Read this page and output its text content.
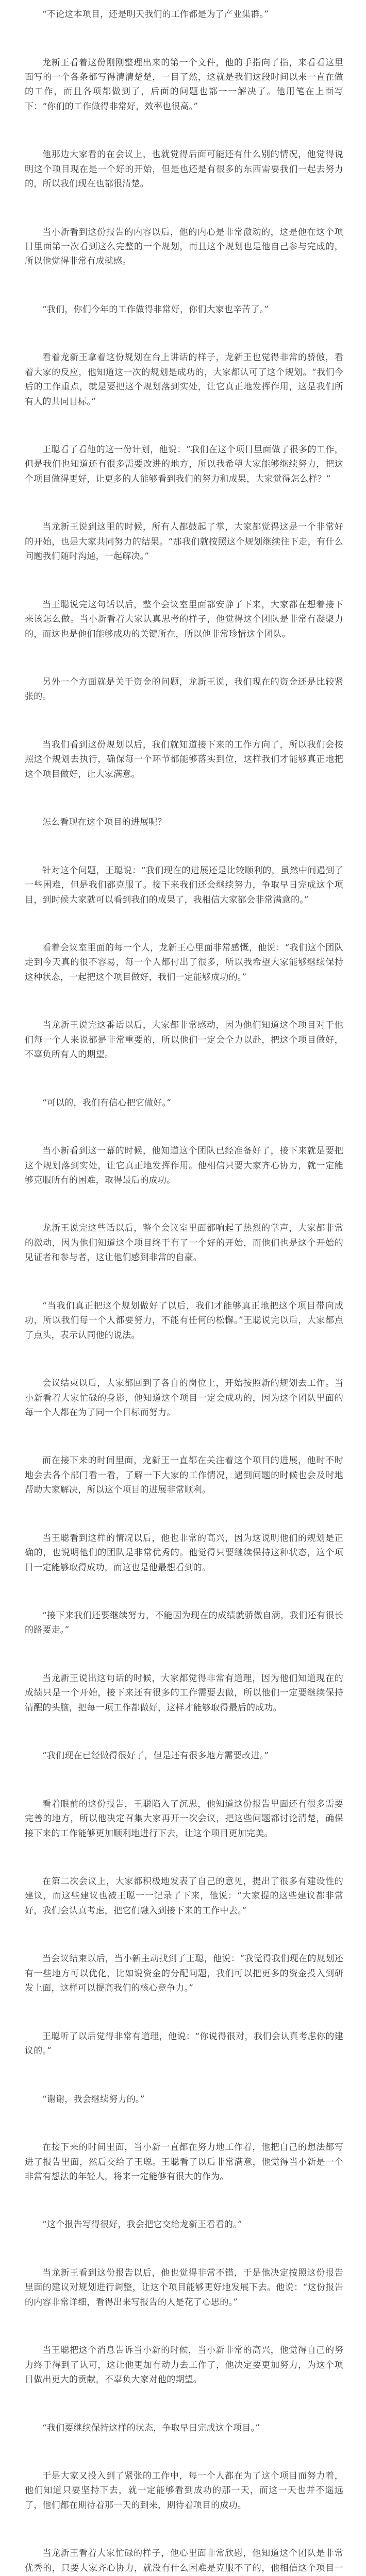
“不论这本项目，还是明天我们的工作都是为了产业集群。”

龙新王看着这份刚刚整理出来的第一个文件，他的手指向了指，来看看这里面写的一个各条都写得清清楚楚，一目了然，这就是我们这段时间以来一直在做的工作，而且各项都做到了，后面的问题也都一一解决了。他用笔在上面写下：“你们的工作做得非常好，效率也很高。”

他那边大家看的在会议上，也就觉得后面可能还有什么别的情况，他觉得说明这个项目现在是一个好的开始，但是也还是有很多的东西需要我们一起去努力的，所以我们现在也都很清楚。

当小新看到这份报告的内容以后，他的内心是非常激动的，这是他在这个项目里面第一次看到这么完整的一个规划，而且这个规划也是他自己参与完成的，所以他觉得非常有成就感。

“我们，你们今年的工作做得非常好，你们大家也辛苦了。”

看着龙新王拿着这份规划在台上讲话的样子，龙新王也觉得非常的骄傲，看着大家的反应，他知道这一次的规划是成功的，大家都认可了这个规划。“我们今后的工作重点，就是要把这个规划落到实处，让它真正地发挥作用，这是我们所有人的共同目标。”

王聪看了看他的这一份计划，他说：“我们在这个项目里面做了很多的工作，但是我们也知道还有很多需要改进的地方，所以我希望大家能够继续努力，把这个项目做得更好，让更多的人能够看到我们的努力和成果，大家觉得怎么样？”

当龙新王说到这里的时候，所有人都鼓起了掌，大家都觉得这是一个非常好的开始，也是大家共同努力的结果。“那我们就按照这个规划继续往下走，有什么问题我们随时沟通，一起解决。”

当王聪说完这句话以后，整个会议室里面都安静了下来，大家都在想着接下来该怎么做。当小新看着大家认真思考的样子，他觉得这个团队是非常有凝聚力的，而这也是他们能够成功的关键所在，所以他非常珍惜这个团队。

另外一个方面就是关于资金的问题，龙新王说，我们现在的资金还是比较紧张的。

当我们看到这份规划以后，我们就知道接下来的工作方向了，所以我们会按照这个规划去执行，确保每一个环节都能够落实到位，这样我们才能够真正地把这个项目做好，让大家满意。

怎么看现在这个项目的进展呢？

针对这个问题，王聪说：“我们现在的进展还是比较顺利的，虽然中间遇到了一些困难，但是我们都克服了。接下来我们还会继续努力，争取早日完成这个项目，到时候大家就可以看到我们的成果了，我相信大家都会非常满意的。”

看着会议室里面的每一个人，龙新王心里面非常感慨，他说：“我们这个团队走到今天真的很不容易，每一个人都付出了很多，所以我希望大家能够继续保持这种状态，一起把这个项目做好，我们一定能够成功的。”

当龙新王说完这番话以后，大家都非常感动，因为他们知道这个项目对于他们每一个人来说都是非常重要的，所以他们一定会全力以赴，把这个项目做好，不辜负所有人的期望。

“可以的，我们有信心把它做好。”

当小新看到这一幕的时候，他知道这个团队已经准备好了，接下来就是要把这个规划落到实处，让它真正地发挥作用。他相信只要大家齐心协力，就一定能够克服所有的困难，取得最后的成功。

龙新王说完这些话以后，整个会议室里面都响起了热烈的掌声，大家都非常的激动，因为他们知道这个项目终于有了一个好的开始，而他们也是这个开始的见证者和参与者，这让他们感到非常的自豪。

“当我们真正把这个规划做好了以后，我们才能够真正地把这个项目带向成功，所以我们每一个人都要努力，不能有任何的松懈。”王聪说完以后，大家都点了点头，表示认同他的说法。

会议结束以后，大家都回到了各自的岗位上，开始按照新的规划去工作。当小新看着大家忙碌的身影，他知道这个项目一定会成功的，因为这个团队里面的每一个人都在为了同一个目标而努力。

而在接下来的时间里面，龙新王一直都在关注着这个项目的进展，他时不时地会去各个部门看一看，了解一下大家的工作情况，遇到问题的时候也会及时地帮助大家解决，所以这个项目的进展非常顺利。

当王聪看到这样的情况以后，他也非常的高兴，因为这说明他们的规划是正确的，也说明他们的团队是非常优秀的。他觉得只要继续保持这种状态，这个项目一定能够取得成功，而这也是他最想看到的。

“接下来我们还要继续努力，不能因为现在的成绩就骄傲自满，我们还有很长的路要走。”

当龙新王说出这句话的时候，大家都觉得非常有道理，因为他们知道现在的成绩只是一个开始，接下来还有很多的工作需要去做，所以他们一定要继续保持清醒的头脑，把每一项工作都做好，这样才能够取得最后的成功。

“我们现在已经做得很好了，但是还有很多地方需要改进。”

看着眼前的这份报告，王聪陷入了沉思，他知道这份报告里面还有很多需要完善的地方，所以他决定召集大家再开一次会议，把这些问题都讨论清楚，确保接下来的工作能够更加顺利地进行下去，让这个项目更加完美。

在第二次会议上，大家都积极地发表了自己的意见，提出了很多有建设性的建议，而这些建议也被王聪一一记录了下来，他说：“大家提的这些建议都非常好，我们会认真考虑，把它们融入到接下来的工作中去。”

当会议结束以后，当小新主动找到了王聪，他说：“我觉得我们现在的规划还有一些地方可以优化，比如说资金的分配问题，我们可以把更多的资金投入到研发上面，这样可以提高我们的核心竞争力。”

王聪听了以后觉得非常有道理，他说：“你说得很对，我们会认真考虑你的建议的。”

“谢谢，我会继续努力的。”

在接下来的时间里面，当小新一直都在努力地工作着，他把自己的想法都写进了报告里面，然后交给了王聪。王聪看了以后非常满意，他觉得当小新是一个非常有想法的年轻人，将来一定能够有很大的作为。

“这个报告写得很好，我会把它交给龙新王看看的。”

当龙新王看到这份报告以后，他也觉得非常不错，于是他决定按照这份报告里面的建议对规划进行调整，让这个项目能够更好地发展下去。他说：“这份报告的内容非常详细，看得出来写报告的人是花了心思的。”

当王聪把这个消息告诉当小新的时候，当小新非常的高兴，他觉得自己的努力终于得到了认可，这让他更加有动力去工作了，他决定要更加努力，为这个项目做出更大的贡献，不辜负大家对他的期望。

“我们要继续保持这样的状态，争取早日完成这个项目。”

于是大家又投入到了紧张的工作中，每一个人都在为了这个项目而努力着，他们知道只要坚持下去，就一定能够看到成功的那一天，而这一天也并不遥远了，他们都在期待着那一天的到来，期待着项目的成功。

当龙新王看着大家忙碌的样子，他心里面非常欣慰，他知道这个团队是非常优秀的，只要大家齐心协力，就没有什么困难是克服不了的，他相信这个项目一
